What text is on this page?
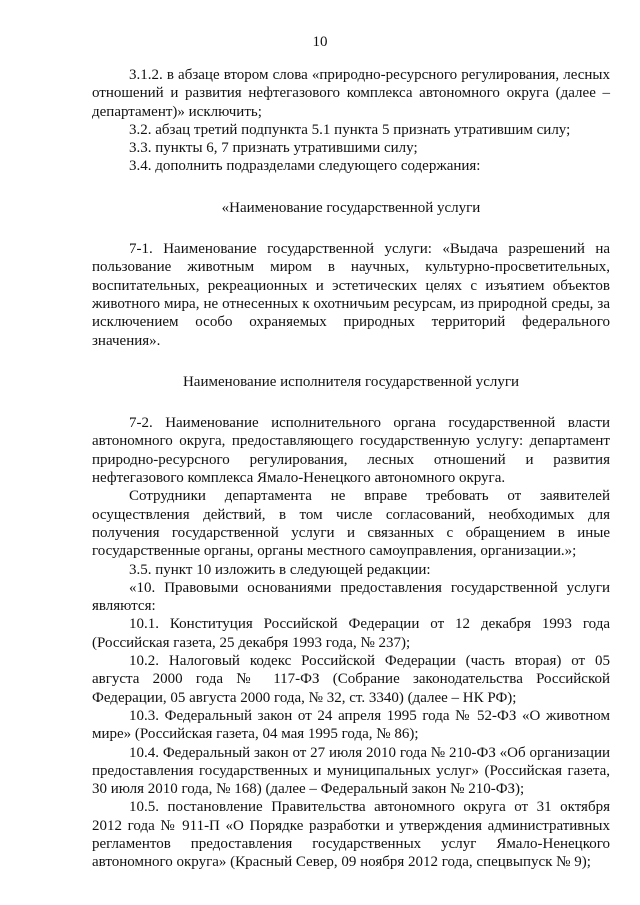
10

3.1.2. в абзаце втором слова «природно-ресурсного регулирования, лесных отношений и развития нефтегазового комплекса автономного округа (далее – департамент)» исключить;

3.2. абзац третий подпункта 5.1 пункта 5 признать утратившим силу;

3.3. пункты 6, 7 признать утратившими силу;

3.4. дополнить подразделами следующего содержания:

«Наименование государственной услуги

7-1. Наименование государственной услуги: «Выдача разрешений на пользование животным миром в научных, культурно-просветительных, воспитательных, рекреационных и эстетических целях с изъятием объектов животного мира, не отнесенных к охотничьим ресурсам, из природной среды, за исключением особо охраняемых природных территорий федерального значения».

Наименование исполнителя государственной услуги

7-2. Наименование исполнительного органа государственной власти автономного округа, предоставляющего государственную услугу: департамент природно-ресурсного регулирования, лесных отношений и развития нефтегазового комплекса Ямало-Ненецкого автономного округа.

Сотрудники департамента не вправе требовать от заявителей осуществления действий, в том числе согласований, необходимых для получения государственной услуги и связанных с обращением в иные государственные органы, органы местного самоуправления, организации.»;

3.5. пункт 10 изложить в следующей редакции:

«10. Правовыми основаниями предоставления государственной услуги являются:

10.1. Конституция Российской Федерации от 12 декабря 1993 года (Российская газета, 25 декабря 1993 года, № 237);

10.2. Налоговый кодекс Российской Федерации (часть вторая) от 05 августа 2000 года № 117-ФЗ (Собрание законодательства Российской Федерации, 05 августа 2000 года, № 32, ст. 3340) (далее – НК РФ);

10.3. Федеральный закон от 24 апреля 1995 года № 52-ФЗ «О животном мире» (Российская газета, 04 мая 1995 года, № 86);

10.4. Федеральный закон от 27 июля 2010 года № 210-ФЗ «Об организации предоставления государственных и муниципальных услуг» (Российская газета, 30 июля 2010 года, № 168) (далее – Федеральный закон № 210-ФЗ);

10.5. постановление Правительства автономного округа от 31 октября 2012 года № 911-П «О Порядке разработки и утверждения административных регламентов предоставления государственных услуг Ямало-Ненецкого автономного округа» (Красный Север, 09 ноября 2012 года, спецвыпуск № 9);
